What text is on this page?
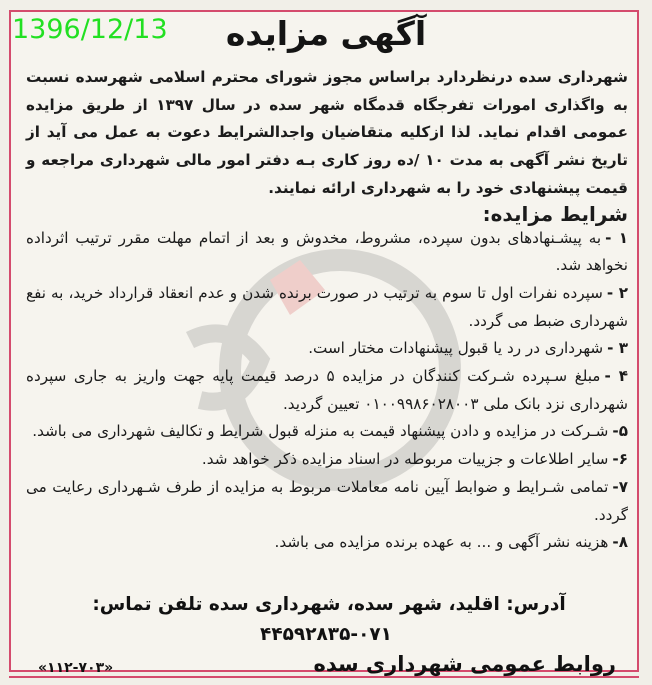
1396/12/13	آگهی مزایده

شهرداری سده درنظردارد براساس مجوز شورای محترم اسلامی شهرسده نسبت به واگذاری امورات تفرجگاه قدمگاه شهر سده در سال ۱۳۹۷ از طریق مزایده عمومی اقدام نماید. لذا ازکلیه متقاضیان واجدالشرایط دعوت به عمل می آید از تاریخ نشر آگهی به مدت ۱۰ /ده روز کاری بـه دفتر امور مالی شهرداری مراجعه و قیمت پیشنهادی خود را به شهرداری ارائه نمایند.

شرایط مزایده:
۱ -به پیشـنهادهای بدون سپرده، مشروط، مخدوش و بعد از اتمام مهلت مقرر ترتیب اثرداده نخواهد شد.
۲ -سپرده نفرات اول تا سوم به ترتیب در صورت برنده شدن و عدم انعقاد قرارداد خرید، به نفع شهرداری ضبط می گردد.
۳ -شهرداری در رد یا قبول پیشنهادات مختار است.
۴ -مبلغ سـپرده شـرکت کنندگان در مزایده ۵ درصد قیمت پایه جهت واریز به جاری سپرده شهرداری نزد بانک ملی ۰۱۰۰۹۹۸۶۰۲۸۰۰۳ تعیین گردید.
۵-شـرکت در مزایده و دادن پیشنهاد قیمت به منزله قبول شرایط و تکالیف شهرداری می باشد.
۶-سایر اطلاعات و جزییات مربوطه در اسناد مزایده ذکر خواهد شد.
۷-تمامی شـرایط و ضوابط آیین نامه معاملات مربوط به مزایده از طرف شـهرداری رعایت می گردد.
۸-هزینه نشر آگهی و ... به عهده برنده مزایده می باشد.
آدرس: اقلید، شهر سده، شهرداری سده تلفن تماس: ۰۷۱-۴۴۵۹۲۸۳۵
روابط عمومی شهرداری سده
«۱۱۲-۷۰۳»
